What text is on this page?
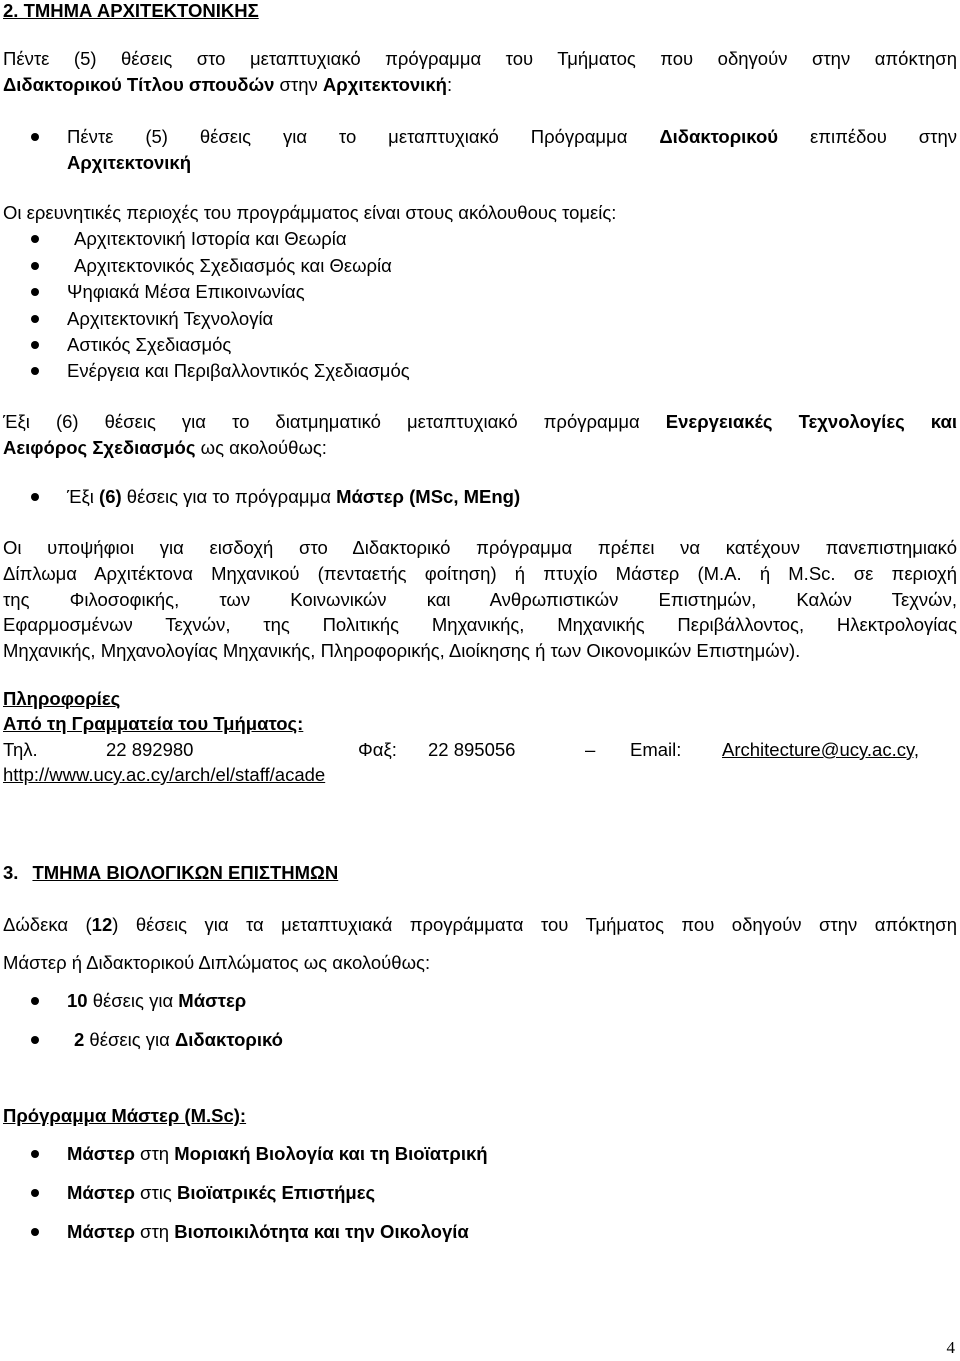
2. ΤΜΗΜΑ ΑΡΧΙΤΕΚΤΟΝΙΚΗΣ
Πέντε (5) θέσεις στο μεταπτυχιακό πρόγραμμα του Τμήματος που οδηγούν στην απόκτηση
Διδακτορικού Τίτλου σπουδών στην Αρχιτεκτονική:
Πέντε (5) θέσεις για το μεταπτυχιακό Πρόγραμμα Διδακτορικού επιπέδου στην
Αρχιτεκτονική
Οι ερευνητικές περιοχές του προγράμματος είναι στους ακόλουθους τομείς:
Αρχιτεκτονική Ιστορία και Θεωρία
Αρχιτεκτονικός Σχεδιασμός και Θεωρία
Ψηφιακά Μέσα Επικοινωνίας
Αρχιτεκτονική Τεχνολογία
Αστικός Σχεδιασμός
Ενέργεια και Περιβαλλοντικός Σχεδιασμός
Έξι (6) θέσεις για το διατμηματικό μεταπτυχιακό πρόγραμμα Ενεργειακές Τεχνολογίες και
Αειφόρος Σχεδιασμός ως ακολούθως:
Έξι (6) θέσεις για το πρόγραμμα Μάστερ (MSc, MEng)
Οι υποψήφιοι για εισδοχή στο Διδακτορικό πρόγραμμα πρέπει να κατέχουν πανεπιστημιακό
Δίπλωμα Αρχιτέκτονα Μηχανικού (πενταετής φοίτηση) ή πτυχίο Μάστερ (Μ.Α. ή Μ.Sc. σε περιοχή
της Φιλοσοφικής, των Κοινωνικών και Ανθρωπιστικών Επιστημών, Καλών Τεχνών,
Εφαρμοσμένων Τεχνών, της Πολιτικής Μηχανικής, Μηχανικής Περιβάλλοντος, Ηλεκτρολογίας
Μηχανικής, Μηχανολογίας Μηχανικής, Πληροφορικής, Διοίκησης ή των Οικονομικών Επιστημών).
Πληροφορίες
Από τη Γραμματεία του Τμήματος:
Τηλ.	22 892980	Φαξ: 22 895056	– Email: Architecture@ucy.ac.cy,
http://www.ucy.ac.cy/arch/el/staff/acade
3. ΤΜΗΜΑ ΒΙΟΛΟΓΙΚΩΝ ΕΠΙΣΤΗΜΩΝ
Δώδεκα (12) θέσεις για τα μεταπτυχιακά προγράμματα του Τμήματος που οδηγούν στην απόκτηση
Μάστερ ή Διδακτορικού Διπλώματος ως ακολούθως:
10 θέσεις για Μάστερ
2 θέσεις για Διδακτορικό
Πρόγραμμα Μάστερ (M.Sc):
Μάστερ στη Μοριακή Βιολογία και τη Βιοϊατρική
Μάστερ στις Βιοϊατρικές Επιστήμες
Μάστερ στη Βιοποικιλότητα και την Οικολογία
4
